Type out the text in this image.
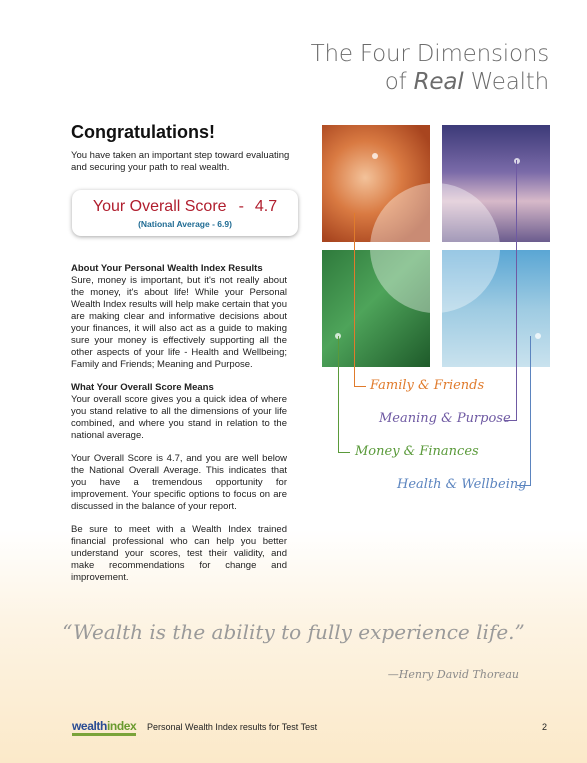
The Four Dimensions
of Real Wealth
Congratulations!

You have taken an important step toward evaluating and securing your path to real wealth.

Your Overall Score - 4.7
(National Average - 6.9)
About Your Personal Wealth Index Results

Sure, money is important, but it's not really about the money, it's about life! While your Personal Wealth Index results will help make certain that you are making clear and informative decisions about your finances, it will also act as a guide to making sure your money is effectively supporting all the other aspects of your life - Health and Wellbeing; Family and Friends; Meaning and Purpose.

What Your Overall Score Means

Your overall score gives you a quick idea of where you stand relative to all the dimensions of your life combined, and where you stand in relation to the national average.

Your Overall Score is 4.7, and you are well below the National Overall Average. This indicates that you have a tremendous opportunity for improvement. Your specific options to focus on are discussed in the balance of your report.

Be sure to meet with a Wealth Index trained financial professional who can help you better understand your scores, test their validity, and make recommendations for change and improvement.

Family & Friends
Meaning & Purpose
Money & Finances
Health & Wellbeing
“Wealth is the ability to fully experience life.”
—Henry David Thoreau
wealthindex Personal Wealth Index results for Test Test	2
